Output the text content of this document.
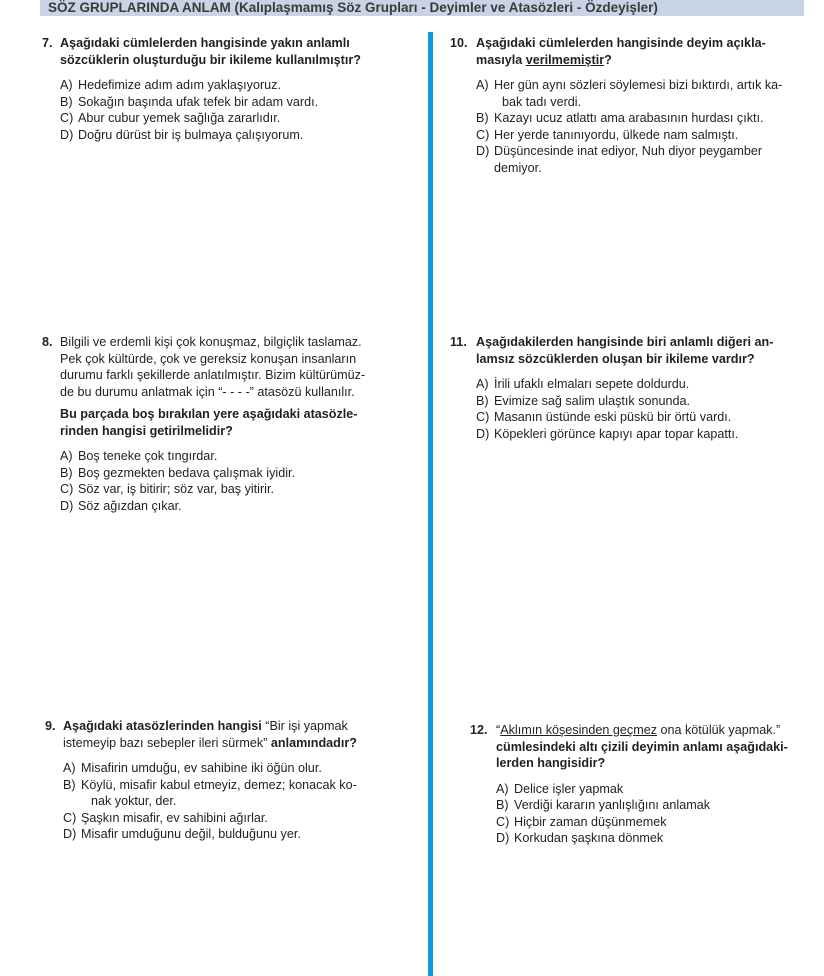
SÖZ GRUPLARINDA ANLAM (Kalıplaşmamış Söz Grupları - Deyimler ve Atasözleri - Özdeyişler)
7. Aşağıdaki cümlelerden hangisinde yakın anlamlı

sözcüklerin oluşturduğu bir ikileme kullanılmıştır?

A) Hedefimize adım adım yaklaşıyoruz.
B) Sokağın başında ufak tefek bir adam vardı.
C) Abur cubur yemek sağlığa zararlıdır.
D) Doğru dürüst bir iş bulmaya çalışıyorum.
8. Bilgili ve erdemli kişi çok konuşmaz, bilgiçlik taslamaz.

Pek çok kültürde, çok ve gereksiz konuşan insanların

durumu farklı şekillerde anlatılmıştır. Bizim kültürümüz-

de bu durumu anlatmak için “- - - -” atasözü kullanılır.

Bu parçada boş bırakılan yere aşağıdaki atasözle-

rinden hangisi getirilmelidir?

A) Boş teneke çok tıngırdar.
B) Boş gezmekten bedava çalışmak iyidir.
C) Söz var, iş bitirir; söz var, baş yitirir.
D) Söz ağızdan çıkar.
9. Aşağıdaki atasözlerinden hangisi “Bir işi yapmak

istemeyip bazı sebepler ileri sürmek” anlamındadır?

A) Misafirin umduğu, ev sahibine iki öğün olur.
B) Köylü, misafir kabul etmeyiz, demez; konacak ko-
nak yoktur, der.
C) Şaşkın misafir, ev sahibini ağırlar.
D) Misafir umduğunu değil, bulduğunu yer.
10. Aşağıdaki cümlelerden hangisinde deyim açıkla-

masıyla verilmemiştir?

A) Her gün aynı sözleri söylemesi bizi bıktırdı, artık ka-
bak tadı verdi.
B) Kazayı ucuz atlattı ama arabasının hurdası çıktı.
C) Her yerde tanınıyordu, ülkede nam salmıştı.
D) Düşüncesinde inat ediyor, Nuh diyor peygamber
demiyor.
11. Aşağıdakilerden hangisinde biri anlamlı diğeri an-

lamsız sözcüklerden oluşan bir ikileme vardır?

A) İrili ufaklı elmaları sepete doldurdu.
B) Evimize sağ salim ulaştık sonunda.
C) Masanın üstünde eski püskü bir örtü vardı.
D) Köpekleri görünce kapıyı apar topar kapattı.
12. “Aklımın köşesinden geçmez ona kötülük yapmak.”

cümlesindeki altı çizili deyimin anlamı aşağıdaki-

lerden hangisidir?

A) Delice işler yapmak
B) Verdiği kararın yanlışlığını anlamak
C) Hiçbir zaman düşünmemek
D) Korkudan şaşkına dönmek
